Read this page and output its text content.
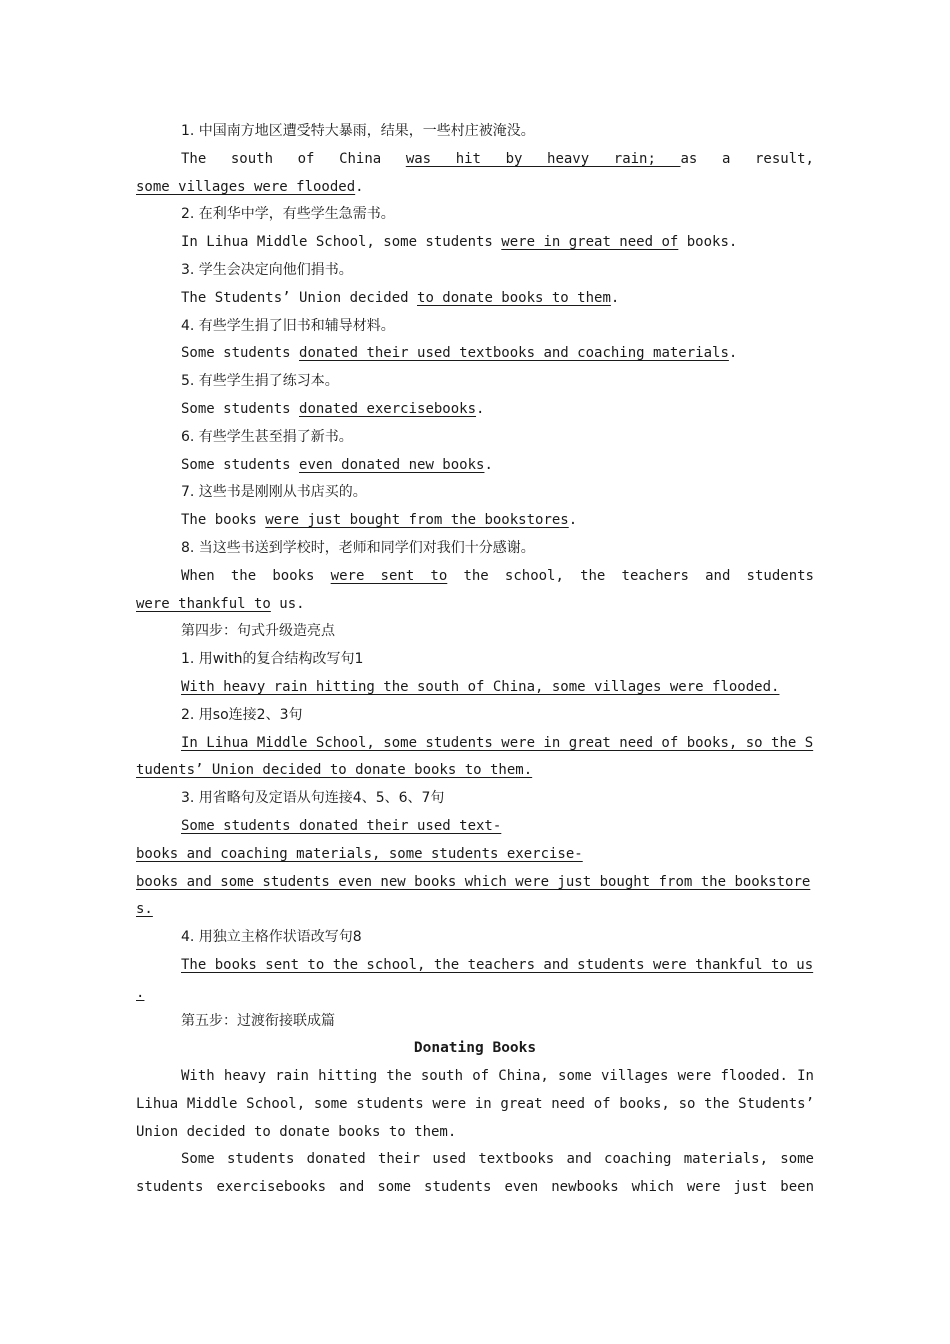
1. 中国南方地区遭受特大暴雨，结果，一些村庄被淹没。
The south of China was hit by heavy rain; as a result,
some villages were flooded.
2. 在利华中学，有些学生急需书。
In Lihua Middle School, some students were in great need of books.
3. 学生会决定向他们捐书。
The Students’ Union decided to donate books to them.
4. 有些学生捐了旧书和辅导材料。
Some students donated their used textbooks and coaching materials.
5. 有些学生捐了练习本。
Some students donated exercisebooks.
6. 有些学生甚至捐了新书。
Some students even donated new books.
7. 这些书是刚刚从书店买的。
The books were just bought from the bookstores.
8. 当这些书送到学校时，老师和同学们对我们十分感谢。
When the books were sent to the school, the teachers and students
were thankful to us.
第四步：句式升级造亮点
1. 用with的复合结构改写句1
With heavy rain hitting the south of China, some villages were flooded.
2. 用so连接2、3句
In Lihua Middle School, some students were in great need of books, so the S
tudents’ Union decided to donate books to them.
3. 用省略句及定语从句连接4、5、6、7句
Some students donated their used text-
books and coaching materials, some students exercise-
books and some students even new books which were just bought from the bookstore
s.
4. 用独立主格作状语改写句8
The books sent to the school, the teachers and students were thankful to us
.
第五步：过渡衔接联成篇
Donating Books
With heavy rain hitting the south of China, some villages were flooded. In
Lihua Middle School, some students were in great need of books, so the Students’
Union decided to donate books to them.
Some students donated their used textbooks and coaching materials, some
students exercisebooks and some students even newbooks which were just been
